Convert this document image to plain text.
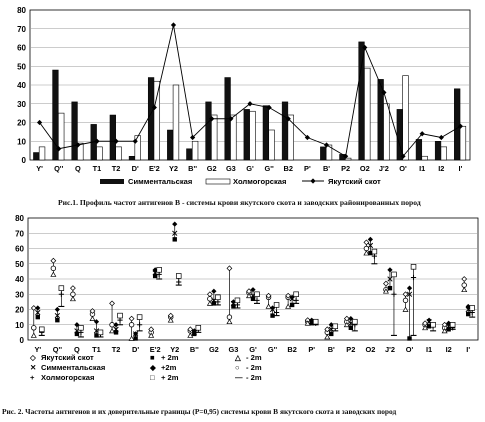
0
10
20
30
40
50
60
70
80
Y' Q'' Q T1 T2 D' E'2 Y2 B'' G2 G3 G' G'' B2 P' B' P2 O2 J'2 O' I1 I2 I'
Симментальская	Холмогорская	Якутский скот
Рис.1. Профиль частот антигенов В - системы крови якутского скота и заводских районированных пород
0
10
20
30
40
50
60
70
80
Y' Q'' Q T1 T2 D' E'2 Y2 B'' G2 G3 G' G'' B2 P' B' P2 O2 J'2 O' I1 I2 I'
◇ Якутский скот	■ + 2m	△ - 2m
✕ Симментальская	◆ +2m	○ - 2m
+ Холмогорская	□ + 2m	— - 2m
Рис. 2. Частоты антигенов и их доверительные границы (P=0,95) системы крови В якутского скота и заводских пород
